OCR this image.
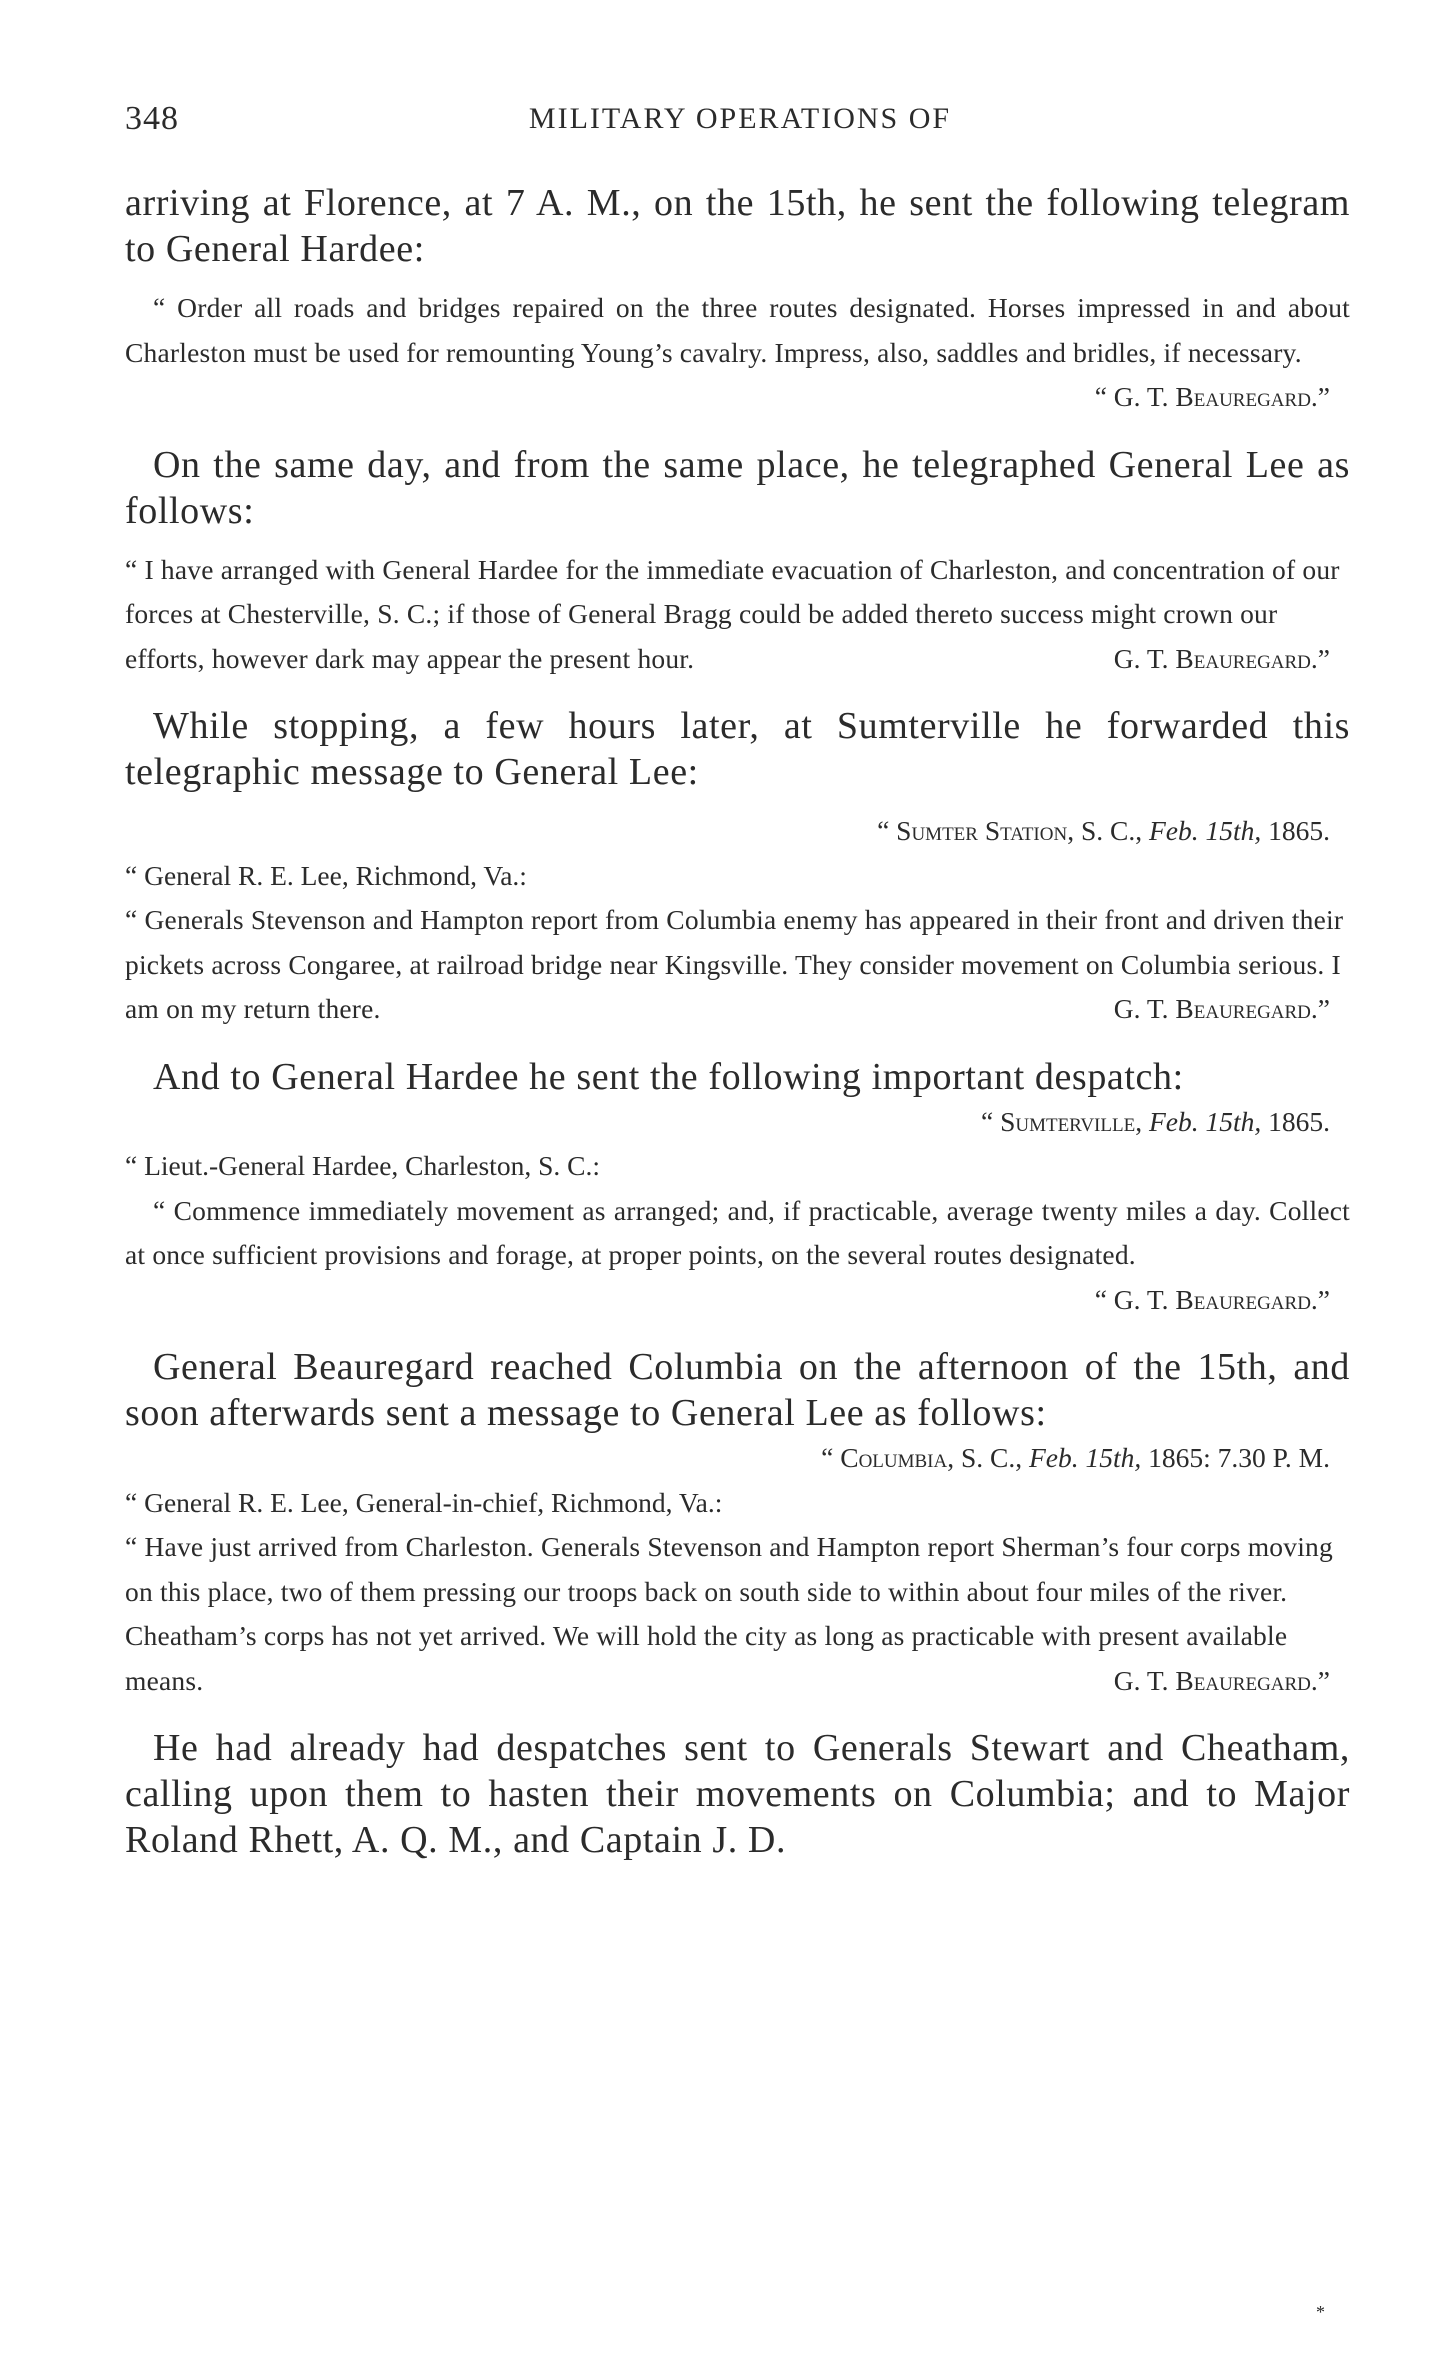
348	MILITARY OPERATIONS OF

arriving at Florence, at 7 A. M., on the 15th, he sent the following telegram to General Hardee:

“ Order all roads and bridges repaired on the three routes designated. Horses impressed in and about Charleston must be used for remounting Young’s cavalry. Impress, also, saddles and bridles, if necessary.

“ G. T. Beauregard.”

On the same day, and from the same place, he telegraphed General Lee as follows:

“ I have arranged with General Hardee for the immediate evacuation of Charleston, and concentration of our forces at Chesterville, S. C.; if those of General Bragg could be added thereto success might crown our efforts, however dark may appear the present hour.	G. T. Beauregard.”

While stopping, a few hours later, at Sumterville he forwarded this telegraphic message to General Lee:

“ Sumter Station, S. C., Feb. 15th, 1865.

“ General R. E. Lee, Richmond, Va.:

“ Generals Stevenson and Hampton report from Columbia enemy has appeared in their front and driven their pickets across Congaree, at railroad bridge near Kingsville. They consider movement on Columbia serious. I am on my return there.	G. T. Beauregard.”

And to General Hardee he sent the following important despatch:

“ Sumterville, Feb. 15th, 1865.

“ Lieut.-General Hardee, Charleston, S. C.:

“ Commence immediately movement as arranged; and, if practicable, average twenty miles a day. Collect at once sufficient provisions and forage, at proper points, on the several routes designated.

“ G. T. Beauregard.”

General Beauregard reached Columbia on the afternoon of the 15th, and soon afterwards sent a message to General Lee as follows:

“ Columbia, S. C., Feb. 15th, 1865: 7.30 P. M.

“ General R. E. Lee, General-in-chief, Richmond, Va.:

“ Have just arrived from Charleston. Generals Stevenson and Hampton report Sherman’s four corps moving on this place, two of them pressing our troops back on south side to within about four miles of the river. Cheatham’s corps has not yet arrived. We will hold the city as long as practicable with present available means.	G. T. Beauregard.”

He had already had despatches sent to Generals Stewart and Cheatham, calling upon them to hasten their movements on Columbia; and to Major Roland Rhett, A. Q. M., and Captain J. D.

*
